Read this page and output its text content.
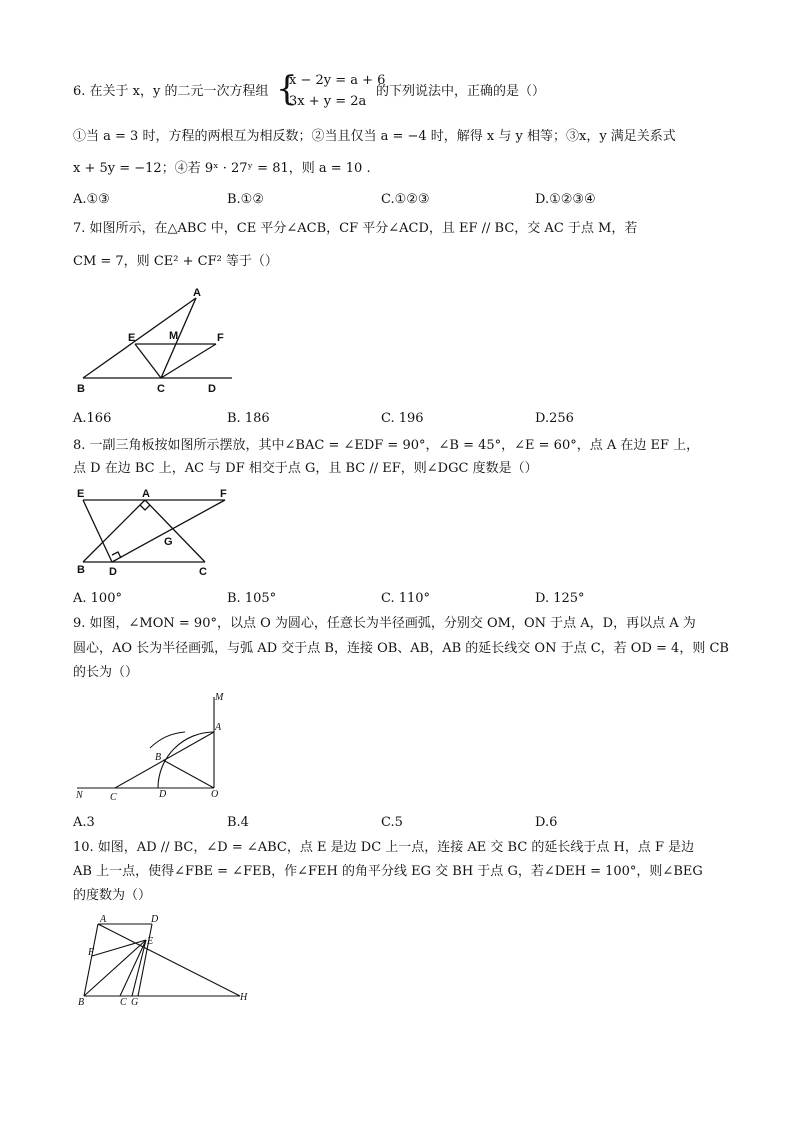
6. 在关于 x，y 的二元一次方程组 {
x − 2y = a + 6
3x + y = 2a
的下列说法中，正确的是（）
①当 a = 3 时，方程的两根互为相反数；②当且仅当 a = −4 时，解得 x 与 y 相等；③x，y 满足关系式
x + 5y = −12；④若 9ˣ · 27ʸ = 81，则 a = 10 .
A.①③	B.①②	C.①②③	D.①②③④
7. 如图所示，在△ABC 中，CE 平分∠ACB，CF 平分∠ACD，且 EF // BC，交 AC 于点 M，若
CM = 7，则 CE² + CF² 等于（）
A
E	M	F
B	C	D
A.166	B. 186	C. 196	D.256
8. 一副三角板按如图所示摆放，其中∠BAC = ∠EDF = 90°，∠B = 45°，∠E = 60°，点 A 在边 EF 上，
点 D 在边 BC 上，AC 与 DF 相交于点 G，且 BC // EF，则∠DGC 度数是（）
E	A	F
G
B D	C
A. 100°	B. 105°	C. 110°	D. 125°
9. 如图，∠MON = 90°，以点 O 为圆心，任意长为半径画弧，分别交 OM，ON 于点 A，D，再以点 A 为
圆心，AO 长为半径画弧，与弧 AD 交于点 B，连接 OB、AB，AB 的延长线交 ON 于点 C，若 OD = 4，则 CB
的长为（）
M
A
B
N	C	D	O
A.3	B.4	C.5	D.6
10. 如图，AD // BC，∠D = ∠ABC，点 E 是边 DC 上一点，连接 AE 交 BC 的延长线于点 H，点 F 是边
AB 上一点，使得∠FBE = ∠FEB，作∠FEH 的角平分线 EG 交 BH 于点 G，若∠DEH = 100°，则∠BEG
的度数为（）
A	D
F
E
B	C G	H
